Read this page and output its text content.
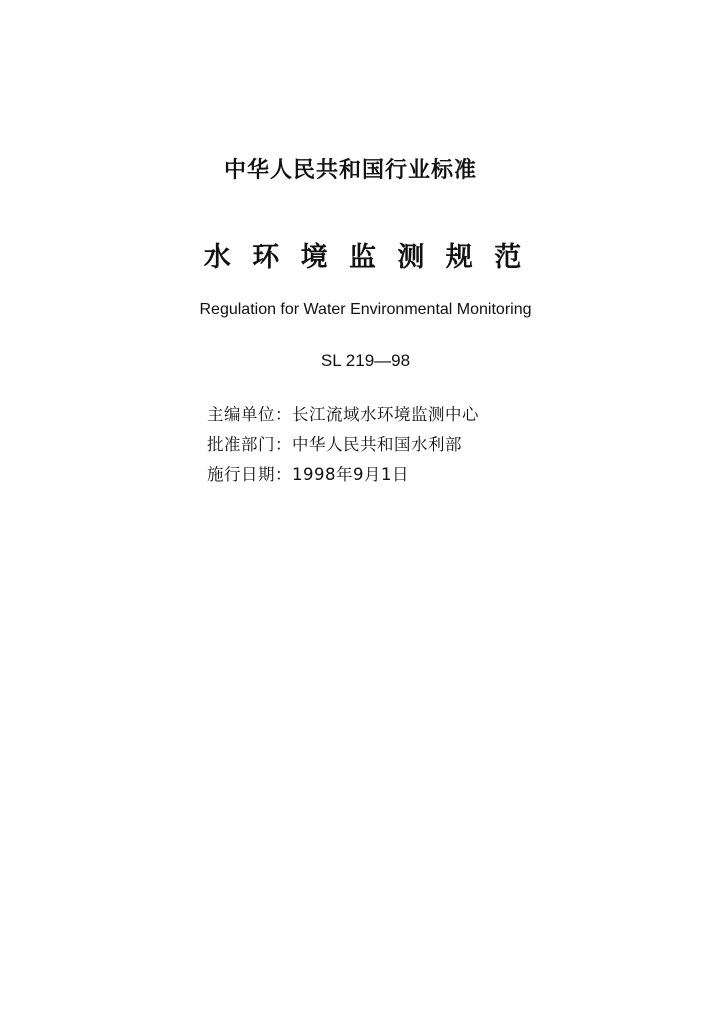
中华人民共和国行业标准
水 环 境 监 测 规 范
Regulation for Water Environmental Monitoring
SL 219—98
主编单位：长江流域水环境监测中心
批准部门：中华人民共和国水利部
施行日期：1998年9月1日
